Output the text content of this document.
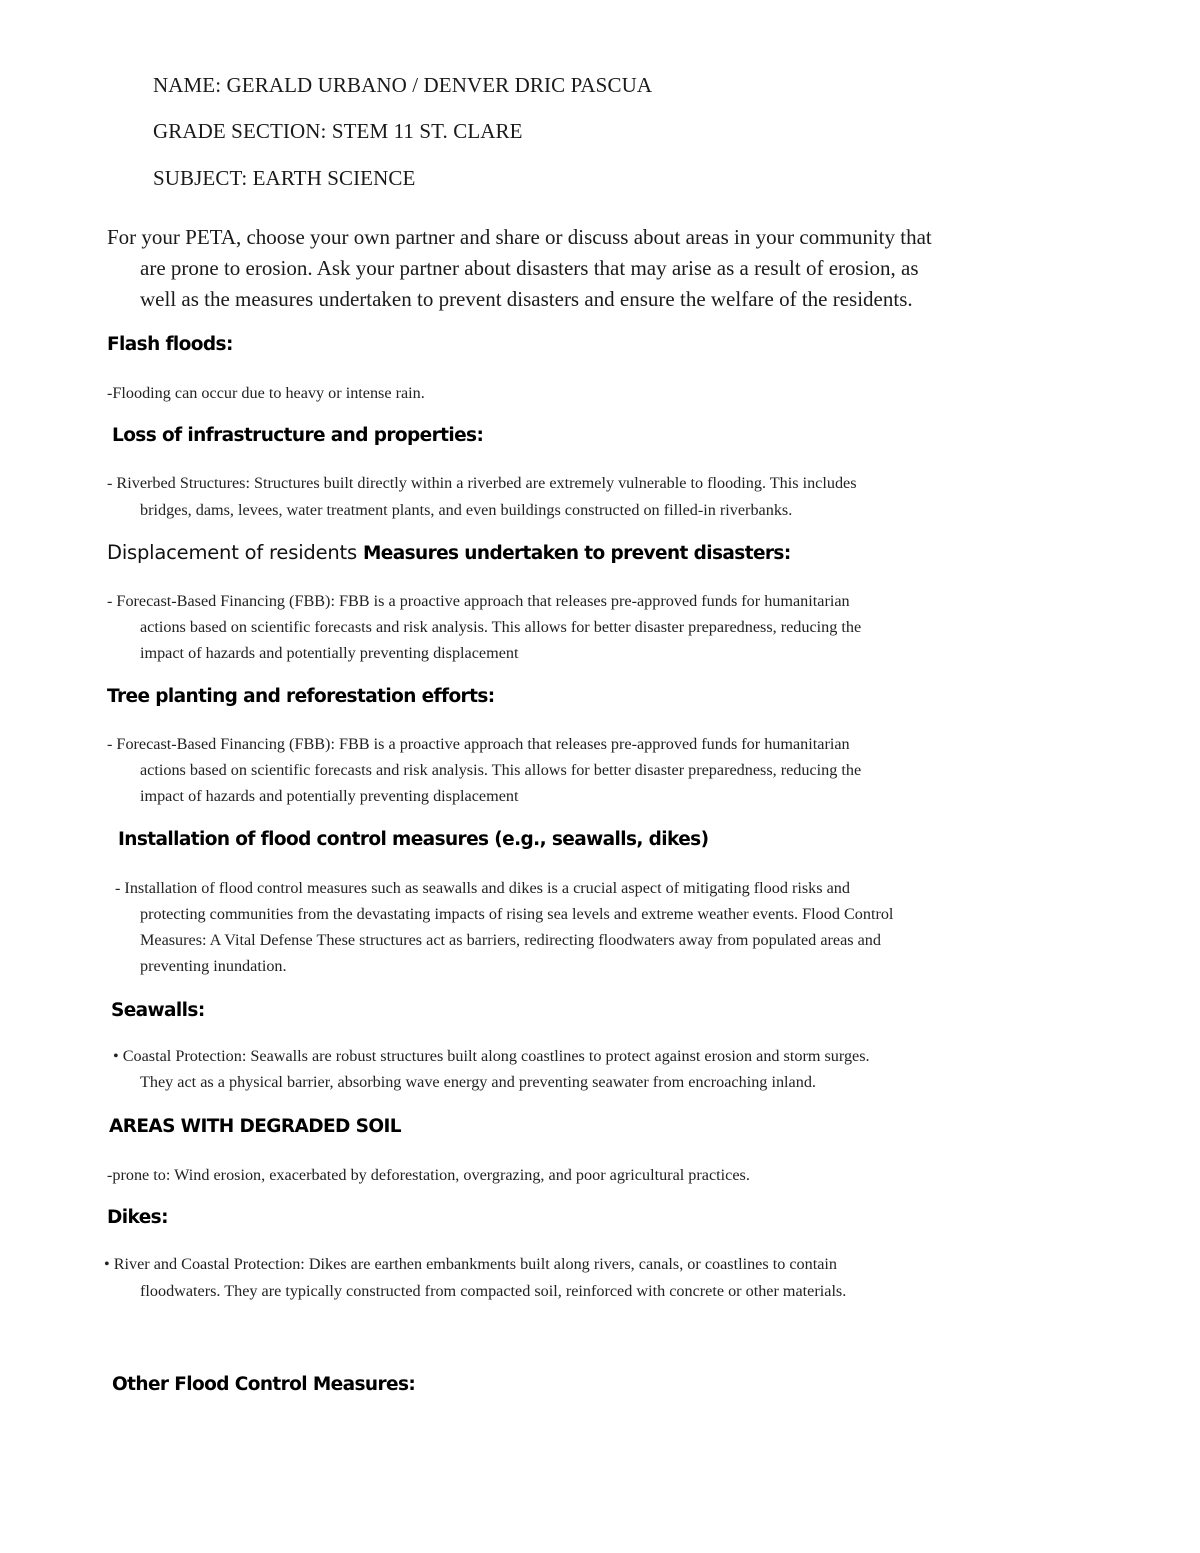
NAME: GERALD URBANO / DENVER DRIC PASCUA

GRADE SECTION: STEM 11 ST. CLARE

SUBJECT: EARTH SCIENCE

For your PETA, choose your own partner and share or discuss about areas in your community that

are prone to erosion. Ask your partner about disasters that may arise as a result of erosion, as

well as the measures undertaken to prevent disasters and ensure the welfare of the residents.

Flash floods:

-Flooding can occur due to heavy or intense rain.

Loss of infrastructure and properties:

- Riverbed Structures: Structures built directly within a riverbed are extremely vulnerable to flooding. This includes

bridges, dams, levees, water treatment plants, and even buildings constructed on filled-in riverbanks.

Displacement of residents Measures undertaken to prevent disasters:

- Forecast-Based Financing (FBB): FBB is a proactive approach that releases pre-approved funds for humanitarian

actions based on scientific forecasts and risk analysis. This allows for better disaster preparedness, reducing the

impact of hazards and potentially preventing displacement

Tree planting and reforestation efforts:

- Forecast-Based Financing (FBB): FBB is a proactive approach that releases pre-approved funds for humanitarian

actions based on scientific forecasts and risk analysis. This allows for better disaster preparedness, reducing the

impact of hazards and potentially preventing displacement

Installation of flood control measures (e.g., seawalls, dikes)

- Installation of flood control measures such as seawalls and dikes is a crucial aspect of mitigating flood risks and

protecting communities from the devastating impacts of rising sea levels and extreme weather events. Flood Control

Measures: A Vital Defense These structures act as barriers, redirecting floodwaters away from populated areas and

preventing inundation.

Seawalls:

• Coastal Protection: Seawalls are robust structures built along coastlines to protect against erosion and storm surges.

They act as a physical barrier, absorbing wave energy and preventing seawater from encroaching inland.

AREAS WITH DEGRADED SOIL

-prone to: Wind erosion, exacerbated by deforestation, overgrazing, and poor agricultural practices.

Dikes:

• River and Coastal Protection: Dikes are earthen embankments built along rivers, canals, or coastlines to contain

floodwaters. They are typically constructed from compacted soil, reinforced with concrete or other materials.

Other Flood Control Measures:
